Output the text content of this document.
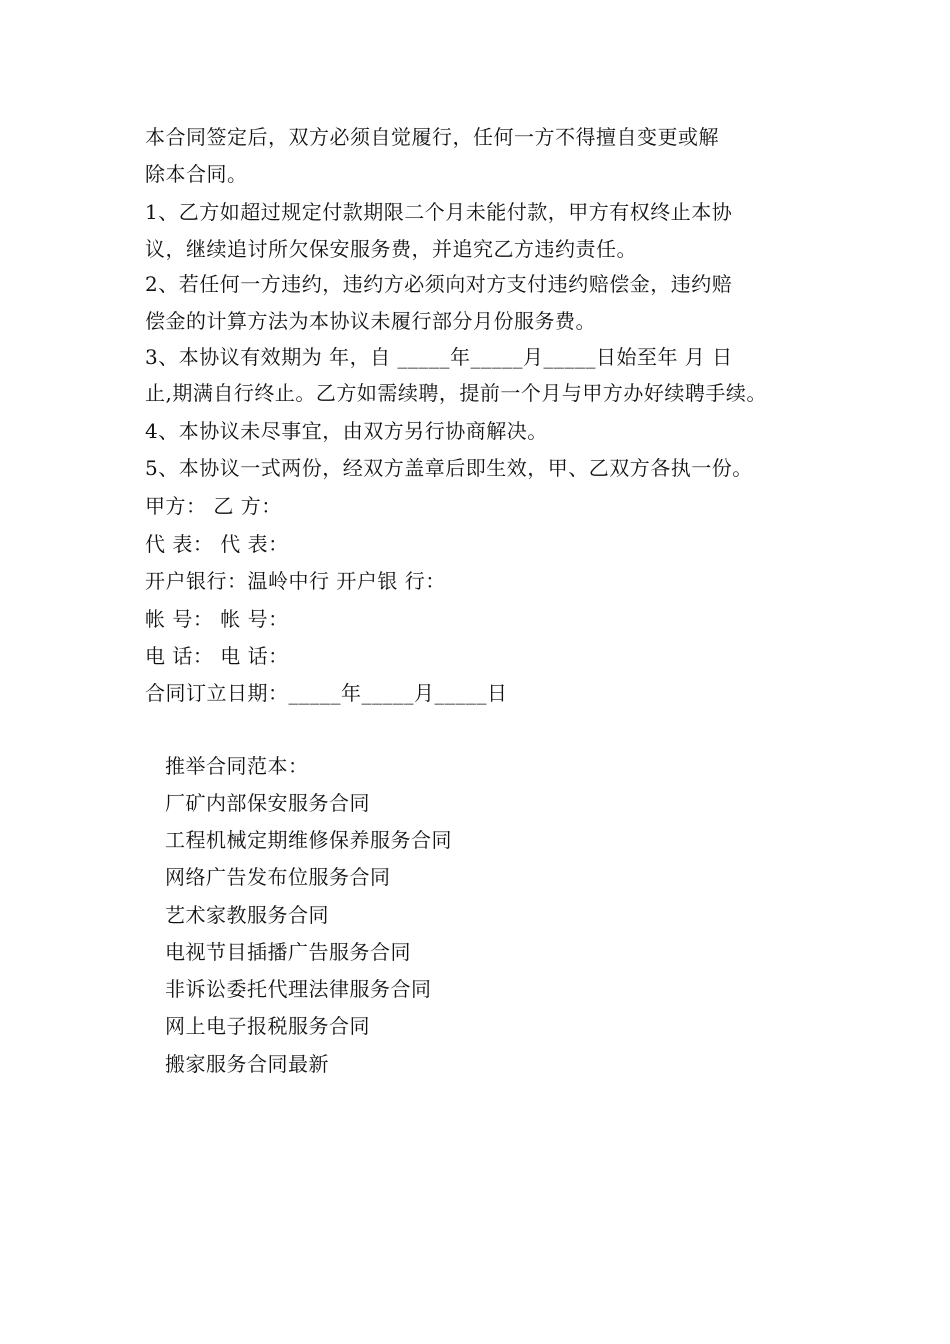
本合同签定后，双方必须自觉履行，任何一方不得擅自变更或解
除本合同。
1、乙方如超过规定付款期限二个月未能付款，甲方有权终止本协
议，继续追讨所欠保安服务费，并追究乙方违约责任。
2、若任何一方违约，违约方必须向对方支付违约赔偿金，违约赔
偿金的计算方法为本协议未履行部分月份服务费。
3、本协议有效期为 年，自 _____年_____月_____日始至年 月 日
止,期满自行终止。乙方如需续聘，提前一个月与甲方办好续聘手续。
4、本协议未尽事宜，由双方另行协商解决。
5、本协议一式两份，经双方盖章后即生效，甲、乙双方各执一份。
甲方： 乙 方：
代 表： 代 表：
开户银行：温岭中行 开户银 行：
帐 号： 帐 号：
电 话： 电 话：
合同订立日期：_____年_____月_____日
推举合同范本：
厂矿内部保安服务合同
工程机械定期维修保养服务合同
网络广告发布位服务合同
艺术家教服务合同
电视节目插播广告服务合同
非诉讼委托代理法律服务合同
网上电子报税服务合同
搬家服务合同最新
